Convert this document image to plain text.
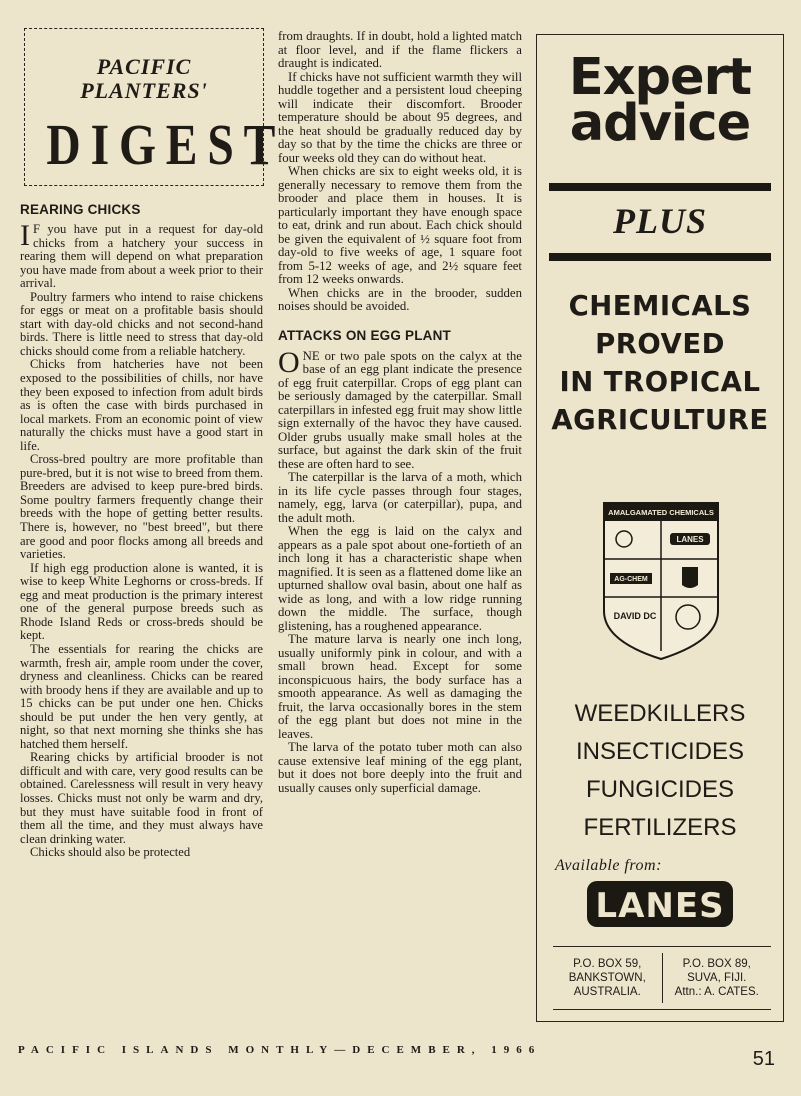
PACIFIC
PLANTERS'
DIGEST
REARING CHICKS

I F you have put in a request for day-old chicks from a hatchery your success in rearing them will depend on what preparation you have made from about a week prior to their arrival.

Poultry farmers who intend to raise chickens for eggs or meat on a profitable basis should start with day-old chicks and not second-hand birds. There is little need to stress that day-old chicks should come from a reliable hatchery.

Chicks from hatcheries have not been exposed to the possibilities of chills, nor have they been exposed to infection from adult birds as is often the case with birds purchased in local markets. From an economic point of view naturally the chicks must have a good start in life.

Cross-bred poultry are more profitable than pure-bred, but it is not wise to breed from them. Breeders are advised to keep pure-bred birds. Some poultry farmers frequently change their breeds with the hope of getting better results. There is, however, no "best breed", but there are good and poor flocks among all breeds and varieties.

If high egg production alone is wanted, it is wise to keep White Leghorns or cross-breds. If egg and meat production is the primary interest one of the general purpose breeds such as Rhode Island Reds or cross-breds should be kept.

The essentials for rearing the chicks are warmth, fresh air, ample room under the cover, dryness and cleanliness. Chicks can be reared with broody hens if they are available and up to 15 chicks can be put under one hen. Chicks should be put under the hen very gently, at night, so that next morning she thinks she has hatched them herself.

Rearing chicks by artificial brooder is not difficult and with care, very good results can be obtained. Carelessness will result in very heavy losses. Chicks must not only be warm and dry, but they must have suitable food in front of them all the time, and they must always have clean drinking water.

Chicks should also be protected

from draughts. If in doubt, hold a lighted match at floor level, and if the flame flickers a draught is indicated.

If chicks have not sufficient warmth they will huddle together and a persistent loud cheeping will indicate their discomfort. Brooder temperature should be about 95 degrees, and the heat should be gradually reduced day by day so that by the time the chicks are three or four weeks old they can do without heat.

When chicks are six to eight weeks old, it is generally necessary to remove them from the brooder and place them in houses. It is particularly important they have enough space to eat, drink and run about. Each chick should be given the equivalent of ½ square foot from day-old to five weeks of age, 1 square foot from 5-12 weeks of age, and 2½ square feet from 12 weeks onwards.

When chicks are in the brooder, sudden noises should be avoided.

ATTACKS ON EGG PLANT

ONE or two pale spots on the calyx at the base of an egg plant indicate the presence of egg fruit caterpillar. Crops of egg plant can be seriously damaged by the caterpillar. Small caterpillars in infested egg fruit may show little sign externally of the havoc they have caused. Older grubs usually make small holes at the surface, but against the dark skin of the fruit these are often hard to see.

The caterpillar is the larva of a moth, which in its life cycle passes through four stages, namely, egg, larva (or caterpillar), pupa, and the adult moth.

When the egg is laid on the calyx and appears as a pale spot about one-fortieth of an inch long it has a characteristic shape when magnified. It is seen as a flattened dome like an upturned shallow oval basin, about one half as wide as long, and with a low ridge running down the middle. The surface, though glistening, has a roughened appearance.

The mature larva is nearly one inch long, usually uniformly pink in colour, and with a small brown head. Except for some inconspicuous hairs, the body surface has a smooth appearance. As well as damaging the fruit, the larva occasionally bores in the stem of the egg plant but does not mine in the leaves.

The larva of the potato tuber moth can also cause extensive leaf mining of the egg plant, but it does not bore deeply into the fruit and usually causes only superficial damage.

Expert
advice
PLUS
CHEMICALS
PROVED
IN TROPICAL
AGRICULTURE
AMALGAMATED CHEMICALS
LANES
AG-CHEM
DAVID DC
WEEDKILLERS
INSECTICIDES
FUNGICIDES
FERTILIZERS
Available from:
LANES
P.O. BOX 59,
BANKSTOWN,
AUSTRALIA.
P.O. BOX 89,
SUVA, FIJI.
Attn.: A. CATES.
PACIFIC ISLANDS MONTHLY—DECEMBER, 1966	51
